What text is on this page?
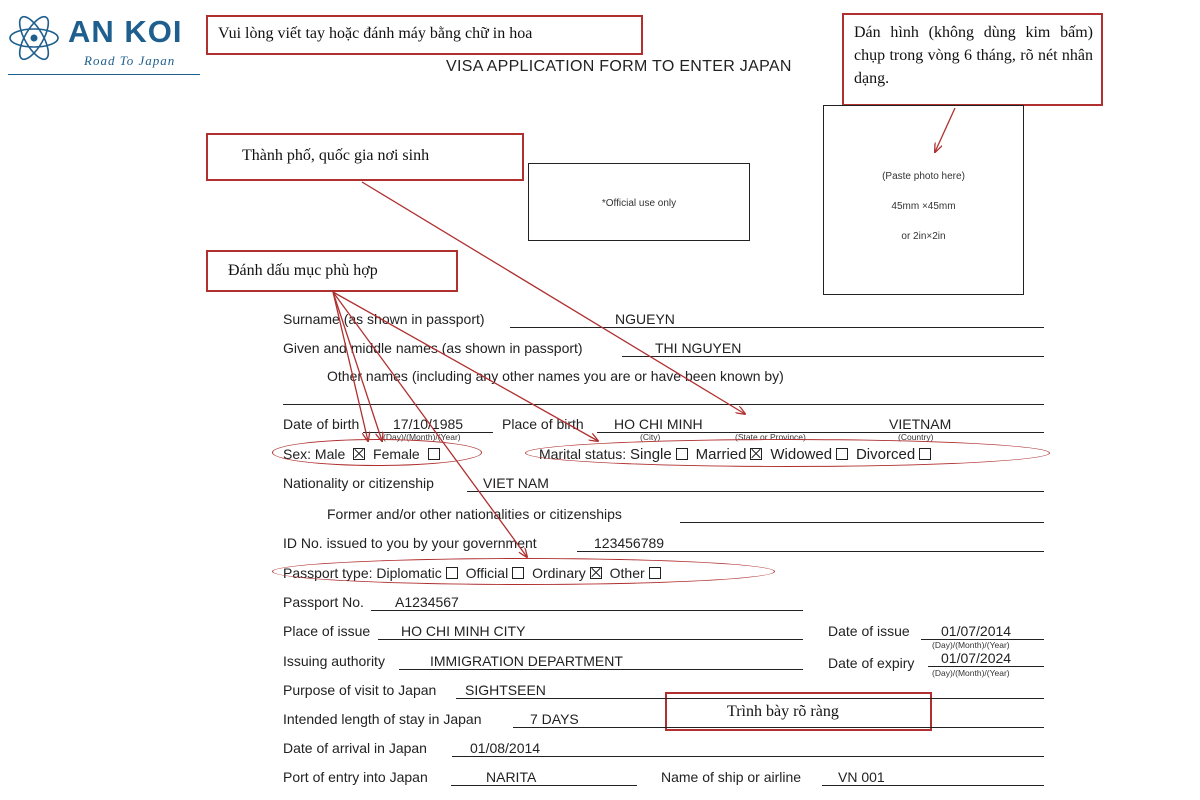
AN KOI
Road To Japan
Vui lòng viết tay hoặc đánh máy bằng chữ in hoa	Dán hình (không dùng kim bấm) chụp trong vòng 6 tháng, rõ nét nhân dạng.
Thành phố, quốc gia nơi sinh
Đánh dấu mục phù hợp
Trình bày rõ ràng
VISA APPLICATION FORM TO ENTER JAPAN
*Official use only
(Paste photo here)
45mm ×45mm
or 2in×2in
Surname (as shown in passport)	NGUEYN
Given and middle names (as shown in passport)	THI NGUYEN
Other names (including any other names you are or have been known by)
Date of birth 17/10/1985
(Day)/(Month)/(Year)
Place of birth HO CHI MINH	VIETNAM
(City)	(State or Province)	(Country)
Sex: Male Female	Marital status: Single Married Widowed Divorced
Nationality or citizenship	VIET NAM
Former and/or other nationalities or citizenships
ID No. issued to you by your government	123456789
Passport type: Diplomatic Official Ordinary Other
Passport No. A1234567
Place of issue HO CHI MINH CITY	Date of issue 01/07/2014
(Day)/(Month)/(Year)
Issuing authority	IMMIGRATION DEPARTMENT	Date of expiry 01/07/2024
(Day)/(Month)/(Year)
Purpose of visit to Japan SIGHTSEEN
Intended length of stay in Japan	7 DAYS
Date of arrival in Japan	01/08/2014
Port of entry into Japan	NARITA	Name of ship or airline	VN 001
